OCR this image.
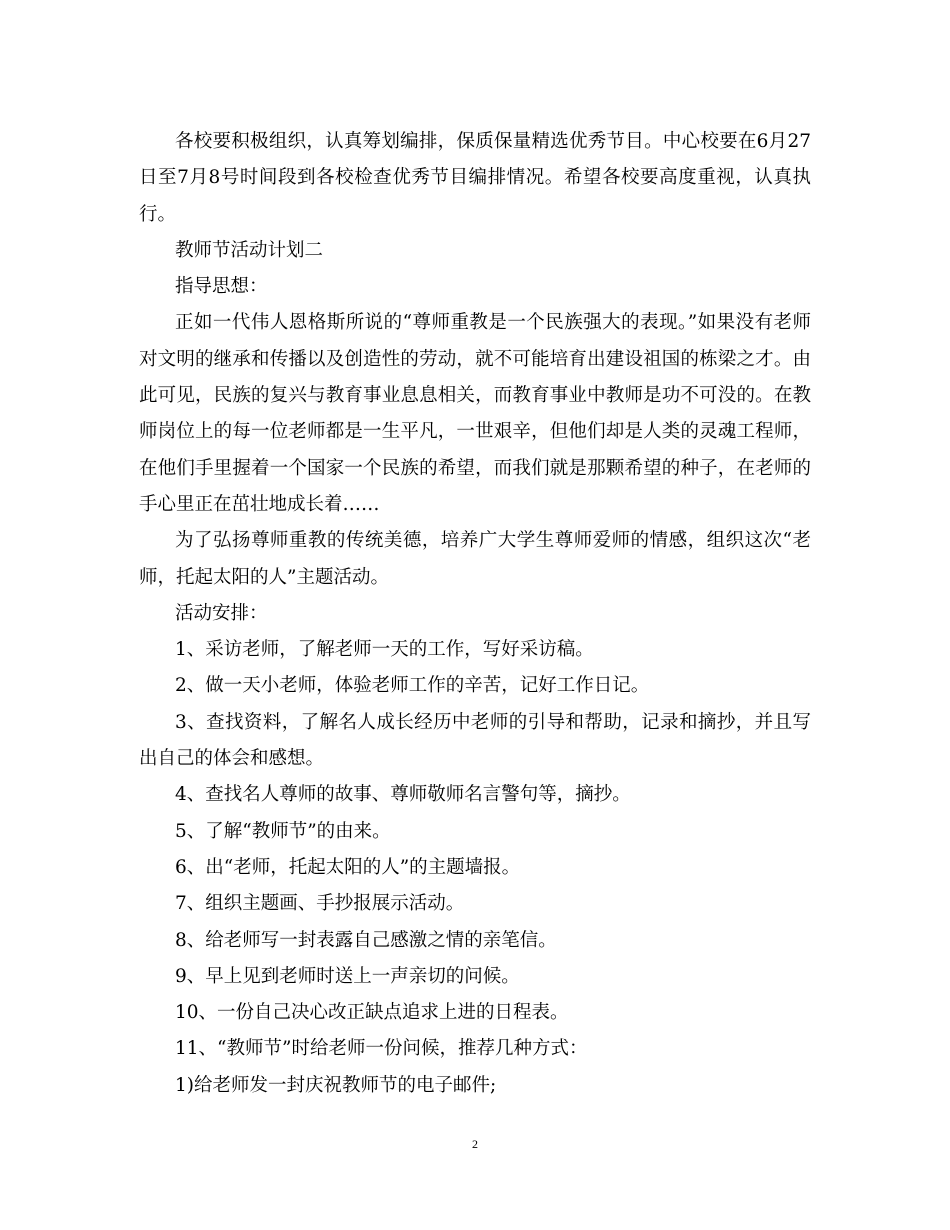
各校要积极组织，认真筹划编排，保质保量精选优秀节目。中心校要在6月27日至7月8号时间段到各校检查优秀节目编排情况。希望各校要高度重视，认真执行。

教师节活动计划二

指导思想：

正如一代伟人恩格斯所说的“尊师重教是一个民族强大的表现。”如果没有老师对文明的继承和传播以及创造性的劳动，就不可能培育出建设祖国的栋梁之才。由此可见，民族的复兴与教育事业息息相关，而教育事业中教师是功不可没的。在教师岗位上的每一位老师都是一生平凡，一世艰辛，但他们却是人类的灵魂工程师，在他们手里握着一个国家一个民族的希望，而我们就是那颗希望的种子，在老师的手心里正在茁壮地成长着……

为了弘扬尊师重教的传统美德，培养广大学生尊师爱师的情感，组织这次“老师，托起太阳的人”主题活动。

活动安排：

1、采访老师，了解老师一天的工作，写好采访稿。

2、做一天小老师，体验老师工作的辛苦，记好工作日记。

3、查找资料，了解名人成长经历中老师的引导和帮助，记录和摘抄，并且写出自己的体会和感想。

4、查找名人尊师的故事、尊师敬师名言警句等，摘抄。

5、了解“教师节”的由来。

6、出“老师，托起太阳的人”的主题墙报。

7、组织主题画、手抄报展示活动。

8、给老师写一封表露自己感激之情的亲笔信。

9、早上见到老师时送上一声亲切的问候。

10、一份自己决心改正缺点追求上进的日程表。

11、“教师节”时给老师一份问候，推荐几种方式：

1)给老师发一封庆祝教师节的电子邮件;

2
